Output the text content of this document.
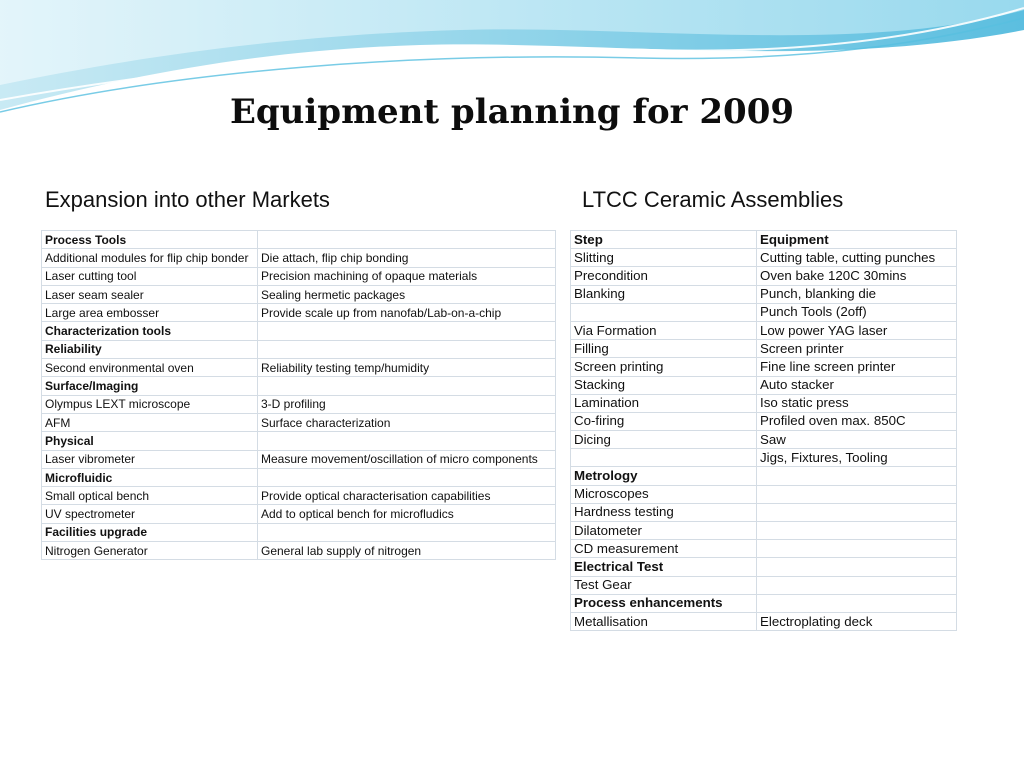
Equipment planning for 2009
Expansion into other Markets	LTCC Ceramic Assemblies
Process Tools	
Additional modules for flip chip bonder	Die attach, flip chip bonding
Laser cutting tool	Precision machining of opaque materials
Laser seam sealer	Sealing hermetic packages
Large area embosser	Provide scale up from nanofab/Lab-on-a-chip
Characterization tools	
Reliability	
Second environmental oven	Reliability testing temp/humidity
Surface/Imaging	
Olympus LEXT microscope	3-D profiling
AFM	Surface characterization
Physical	
Laser vibrometer	Measure movement/oscillation of micro components
Microfluidic	
Small optical bench	Provide optical characterisation capabilities
UV spectrometer	Add to optical bench for microfludics
Facilities upgrade	
Nitrogen Generator	General lab supply of nitrogen
Step	Equipment
Slitting	Cutting table, cutting punches
Precondition	Oven bake 120C 30mins
Blanking	Punch, blanking die
	Punch Tools (2off)
Via Formation	Low power YAG laser
Filling	Screen printer
Screen printing	Fine line screen printer
Stacking	Auto stacker
Lamination	Iso static press
Co-firing	Profiled oven max. 850C
Dicing	Saw
	Jigs, Fixtures, Tooling
Metrology	
Microscopes	
Hardness testing	
Dilatometer	
CD measurement	
Electrical Test	
Test Gear	
Process enhancements	
Metallisation	Electroplating deck
